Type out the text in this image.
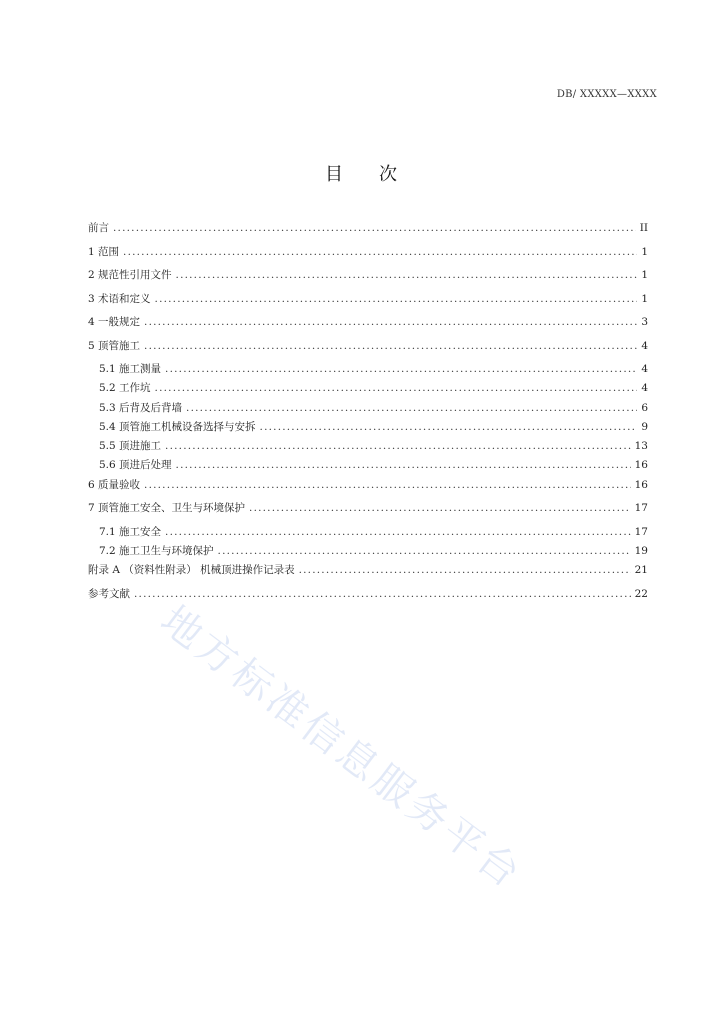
DB/ XXXXX—XXXX
目 次
前言 .....	II
1 范围 .....	1
2 规范性引用文件 .....	1
3 术语和定义 .....	1
4 一般规定 .....	3
5 顶管施工 .....	4
5.1 施工测量 .....	4
5.2 工作坑 .....	4
5.3 后背及后背墙 .....	6
5.4 顶管施工机械设备选择与安拆 .....	9
5.5 顶进施工 .....	13
5.6 顶进后处理 .....	16
6 质量验收 .....	16
7 顶管施工安全、卫生与环境保护 .....	17
7.1 施工安全 .....	17
7.2 施工卫生与环境保护 .....	19
附录 A （资料性附录） 机械顶进操作记录表 .....	21
参考文献 .....	22
地方标准信息服务平台
